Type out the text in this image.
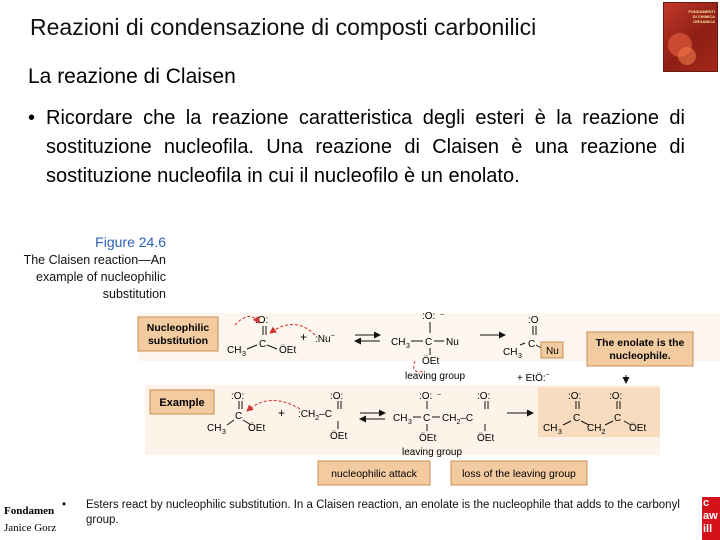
Reazioni di condensazione di composti carbonilici
FONDAMENTI DI CHIMICA ORGANICA
La reazione di Claisen
• Ricordare che la reazione caratteristica degli esteri è la reazione di sostituzione nucleofila. Una reazione di Claisen è una reazione di sostituzione nucleofila in cui il nucleofilo è un enolato.
Figure 24.6
The Claisen reaction—An example of nucleophilic substitution
Nucleophilic
substitution
:O:
CH 3
C
ÖEt
+ :Nu−
:O: −
CH 3 C Nu
ÖEt
leaving group
:O
C
CH 3 Nu
+ EtÖ:−
The enolate is the
nucleophile.
Example
:O:
C
CH 3 ÖEt
+ $:CH_2-C$
:O:
ÖEt
:O: −
CH 3 C $CH_2-C$
:O:
ÖEt	ÖEt
leaving group
:O:
C
CH 3	$CH_2$
C
:O:
ÖEt
nucleophilic attack	loss of the leaving group
•	Esters react by nucleophilic substitution. In a Claisen reaction, an enolate is the nucleophile that adds to the carbonyl group.
Fondamen
Janice Gorz
c aw ill
